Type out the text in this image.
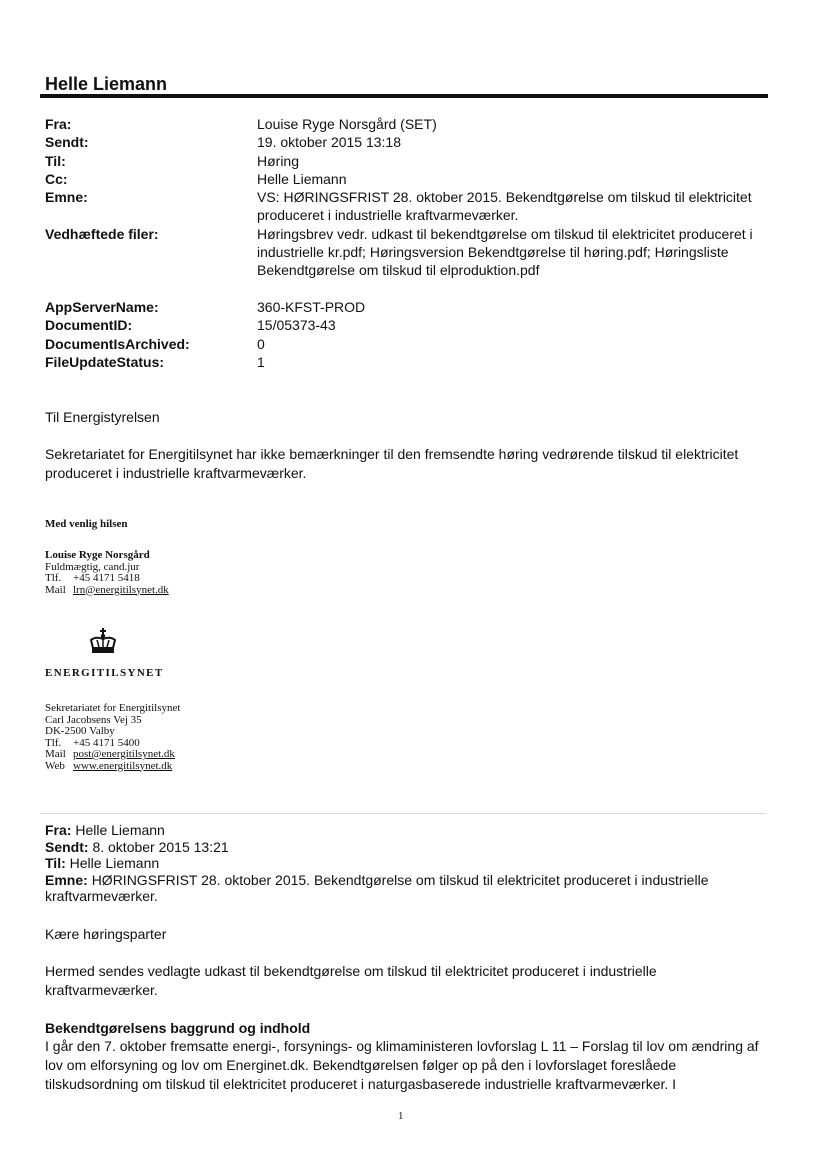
Helle Liemann
Fra:	Louise Ryge Norsgård (SET)
Sendt:	19. oktober 2015 13:18
Til:	Høring
Cc:	Helle Liemann
Emne:	VS: HØRINGSFRIST 28. oktober 2015. Bekendtgørelse om tilskud til elektricitet produceret i industrielle kraftvarmeværker.
Vedhæftede filer:	Høringsbrev vedr. udkast til bekendtgørelse om tilskud til elektricitet produceret i industrielle kr.pdf; Høringsversion Bekendtgørelse til høring.pdf; Høringsliste Bekendtgørelse om tilskud til elproduktion.pdf
AppServerName:	360-KFST-PROD
DocumentID:	15/05373-43
DocumentIsArchived:	0
FileUpdateStatus:	1
Til Energistyrelsen
Sekretariatet for Energitilsynet har ikke bemærkninger til den fremsendte høring vedrørende tilskud til elektricitet produceret i industrielle kraftvarmeværker.
Med venlig hilsen
Louise Ryge Norsgård
Fuldmægtig, cand.jur
Tlf. +45 4171 5418
Mail lrn@energitilsynet.dk
ENERGITILSYNET
Sekretariatet for Energitilsynet
Carl Jacobsens Vej 35
DK-2500 Valby
Tlf. +45 4171 5400
Mail post@energitilsynet.dk
Web www.energitilsynet.dk
Fra: Helle Liemann
Sendt: 8. oktober 2015 13:21
Til: Helle Liemann
Emne: HØRINGSFRIST 28. oktober 2015. Bekendtgørelse om tilskud til elektricitet produceret i industrielle kraftvarmeværker.
Kære høringsparter
Hermed sendes vedlagte udkast til bekendtgørelse om tilskud til elektricitet produceret i industrielle kraftvarmeværker.
Bekendtgørelsens baggrund og indhold
I går den 7. oktober fremsatte energi-, forsynings- og klimaministeren lovforslag L 11 – Forslag til lov om ændring af lov om elforsyning og lov om Energinet.dk. Bekendtgørelsen følger op på den i lovforslaget foreslåede tilskudsordning om tilskud til elektricitet produceret i naturgasbaserede industrielle kraftvarmeværker. I
1
